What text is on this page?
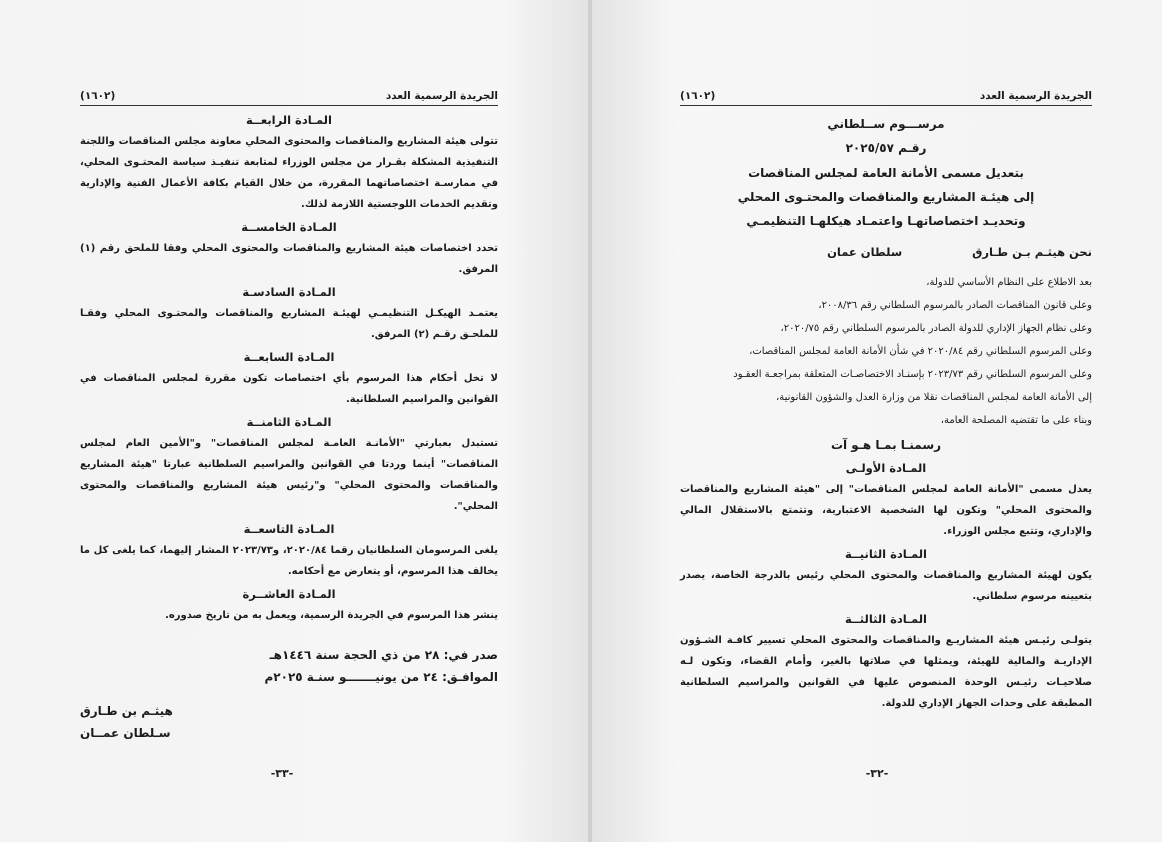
الجريدة الرسمية العدد
(١٦٠٢)
المـادة الرابعــة

تتولى هيئة المشاريع والمناقصات والمحتوى المحلي معاونة مجلس المناقصات واللجنة التنفيذية المشكلة بقـرار من مجلس الوزراء لمتابعة تنفيـذ سياسة المحتـوى المحلي، في ممارسـة اختصاصاتهما المقررة، من خلال القيام بكافة الأعمال الفنية والإدارية وتقديم الخدمات اللوجستية اللازمة لذلك.

المـادة الخامســة

تحدد اختصاصات هيئة المشاريع والمناقصات والمحتوى المحلي وفقا للملحق رقم (١) المرفق.

المـادة السادسـة

يعتمـد الهيكـل التنظيمـي لهيئـة المشاريع والمناقصات والمحتـوى المحلي وفقـا للملحـق رقـم (٢) المرفق.

المـادة السابعــة

لا تخل أحكام هذا المرسوم بأي اختصاصات تكون مقررة لمجلس المناقصات في القوانين والمراسيم السلطانية.

المـادة الثامنــة

تستبدل بعبارتي "الأمانـة العامـة لمجلس المناقصات" و"الأمين العام لمجلس المناقصات" أينما وردتا في القوانين والمراسيم السلطانية عبارتا "هيئة المشاريع والمناقصات والمحتوى المحلي" و"رئيس هيئة المشاريع والمناقصات والمحتوى المحلي".

المـادة التاسعــة

يلغى المرسومان السلطانيان رقما ٢٠٢٠/٨٤، و٢٠٢٣/٧٣ المشار إليهما، كما يلغى كل ما يخالف هذا المرسوم، أو يتعارض مع أحكامه.

المـادة العاشــرة

ينشر هذا المرسوم في الجريدة الرسمية، ويعمل به من تاريخ صدوره.

صدر في: ٢٨ من ذي الحجة سنة ١٤٤٦هـ
الموافـق: ٢٤ من يونيـــــــو سنـة ٢٠٢٥م
هيثـم بن طـارق
سـلطان عمــان
-٣٣-
الجريدة الرسمية العدد
(١٦٠٢)
مرســـوم ســلطاني
رقـم ٢٠٢٥/٥٧
بتعديل مسمى الأمانة العامة لمجلس المناقصات
إلى هيئـة المشاريع والمناقصات والمحتـوى المحلي
وتحديـد اختصاصاتهـا واعتمـاد هيكلهـا التنظيمـي
نحن هيثـم بـن طـارق
سلطان عمان

بعد الاطلاع على النظام الأساسي للدولة،

وعلى قانون المناقصات الصادر بالمرسوم السلطاني رقم ٢٠٠٨/٣٦،

وعلى نظام الجهاز الإداري للدولة الصادر بالمرسوم السلطاني رقم ٢٠٢٠/٧٥،

وعلى المرسوم السلطاني رقم ٢٠٢٠/٨٤ في شأن الأمانة العامة لمجلس المناقصات،

وعلى المرسوم السلطاني رقم ٢٠٢٣/٧٣ بإسنـاد الاختصاصـات المتعلقة بمراجعـة العقـود

إلى الأمانة العامة لمجلس المناقصات نقلا من وزارة العدل والشؤون القانونية،

وبناء على ما تقتضيه المصلحة العامة،

رسمنـا بمـا هـو آت
المـادة الأولـى

يعدل مسمى "الأمانة العامة لمجلس المناقصات" إلى "هيئة المشاريع والمناقصات والمحتوى المحلي" وتكون لها الشخصية الاعتبارية، وتتمتع بالاستقلال المالي والإداري، وتتبع مجلس الوزراء.

المـادة الثانيــة

يكون لهيئة المشاريع والمناقصات والمحتوى المحلي رئيس بالدرجة الخاصة، يصدر بتعيينه مرسوم سلطاني.

المـادة الثالثــة

يتولـى رئيـس هيئة المشاريـع والمناقصات والمحتوى المحلي تسيير كافـة الشـؤون الإداريـة والمالية للهيئة، ويمثلها في صلاتها بالغير، وأمام القضاء، وتكون لـه صلاحيـات رئيـس الوحدة المنصوص عليها في القوانين والمراسيم السلطانية المطبقة على وحدات الجهاز الإداري للدولة.

-٣٢-
